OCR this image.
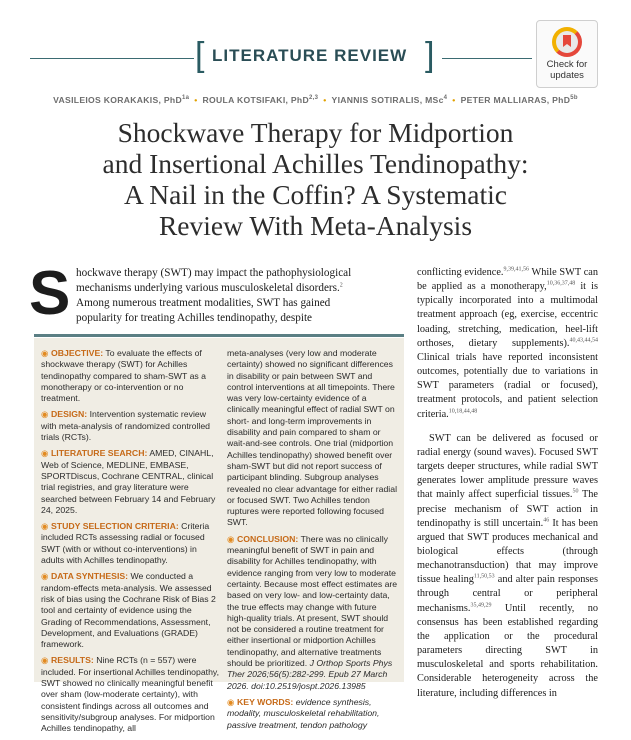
[ LITERATURE REVIEW ]	Check for
updates
VASILEIOS KORAKAKIS, PhD$^{1a}$ • ROULA KOTSIFAKI, PhD$^{2,3}$ • YIANNIS SOTIRALIS, MSc$^4$ • PETER MALLIARAS, PhD$^{5b}$
Shockwave Therapy for Midportion
and Insertional Achilles Tendinopathy:
A Nail in the Coffin? A Systematic
Review With Meta-Analysis
S hockwave therapy (SWT) may impact the pathophysiological
mechanisms underlying various musculoskeletal disorders.$^2$
Among numerous treatment modalities, SWT has gained
popularity for treating Achilles tendinopathy, despite
◉ OBJECTIVE: To evaluate the effects of shockwave therapy (SWT) for Achilles tendinopathy compared to sham-SWT as a monotherapy or co-intervention or no treatment.
◉ DESIGN: Intervention systematic review with meta-analysis of randomized controlled trials (RCTs).
◉ LITERATURE SEARCH: AMED, CINAHL, Web of Science, MEDLINE, EMBASE, SPORTDiscus, Cochrane CENTRAL, clinical trial registries, and gray literature were searched between February 14 and February 24, 2025.
◉ STUDY SELECTION CRITERIA: Criteria included RCTs assessing radial or focused SWT (with or without co-interventions) in adults with Achilles tendinopathy.
◉ DATA SYNTHESIS: We conducted a random-effects meta-analysis. We assessed risk of bias using the Cochrane Risk of Bias 2 tool and certainty of evidence using the Grading of Recommendations, Assessment, Development, and Evaluations (GRADE) framework.
◉ RESULTS: Nine RCTs (n = 557) were included. For insertional Achilles tendinopathy, SWT showed no clinically meaningful benefit over sham (low-moderate certainty), with consistent findings across all outcomes and sensitivity/subgroup analyses. For midportion Achilles tendinopathy, all
meta-analyses (very low and moderate certainty) showed no significant differences in disability or pain between SWT and control interventions at all timepoints. There was very low-certainty evidence of a clinically meaningful effect of radial SWT on short- and long-term improvements in disability and pain compared to sham or wait-and-see controls. One trial (midportion Achilles tendinopathy) showed benefit over sham-SWT but did not report success of participant blinding. Subgroup analyses revealed no clear advantage for either radial or focused SWT. Two Achilles tendon ruptures were reported following focused SWT.
◉ CONCLUSION: There was no clinically meaningful benefit of SWT in pain and disability for Achilles tendinopathy, with evidence ranging from very low to moderate certainty. Because most effect estimates are based on very low- and low-certainty data, the true effects may change with future high-quality trials. At present, SWT should not be considered a routine treatment for either insertional or midportion Achilles tendinopathy, and alternative treatments should be prioritized. J Orthop Sports Phys Ther 2026;56(5):282-299. Epub 27 March 2026. doi:10.2519/jospt.2026.13985
◉ KEY WORDS: evidence synthesis, modality, musculoskeletal rehabilitation, passive treatment, tendon pathology

conflicting evidence.$^{9,39,41,56}$ While SWT can be applied as a monotherapy,$^{10,36,37,48}$ it is typically incorporated into a multimodal treatment approach (eg, exercise, eccentric loading, stretching, medication, heel-lift orthoses, dietary supplements).$^{40,43,44,54}$ Clinical trials have reported inconsistent outcomes, potentially due to variations in SWT parameters (radial or focused), treatment protocols, and patient selection criteria.$^{10,18,44,48}$

SWT can be delivered as focused or radial energy (sound waves). Focused SWT targets deeper structures, while radial SWT generates lower amplitude pressure waves that mainly affect superficial tissues.$^{50}$ The precise mechanism of SWT action in tendinopathy is still uncertain.$^{46}$ It has been argued that SWT produces mechanical and biological effects (through mechanotransduction) that may improve tissue healing$^{11,50,53}$ and alter pain responses through central or peripheral mechanisms.$^{35,49,29}$ Until recently, no consensus has been established regarding the application or the procedural parameters directing SWT in musculoskeletal and sports rehabilitation. Considerable heterogeneity across the literature, including differences in
